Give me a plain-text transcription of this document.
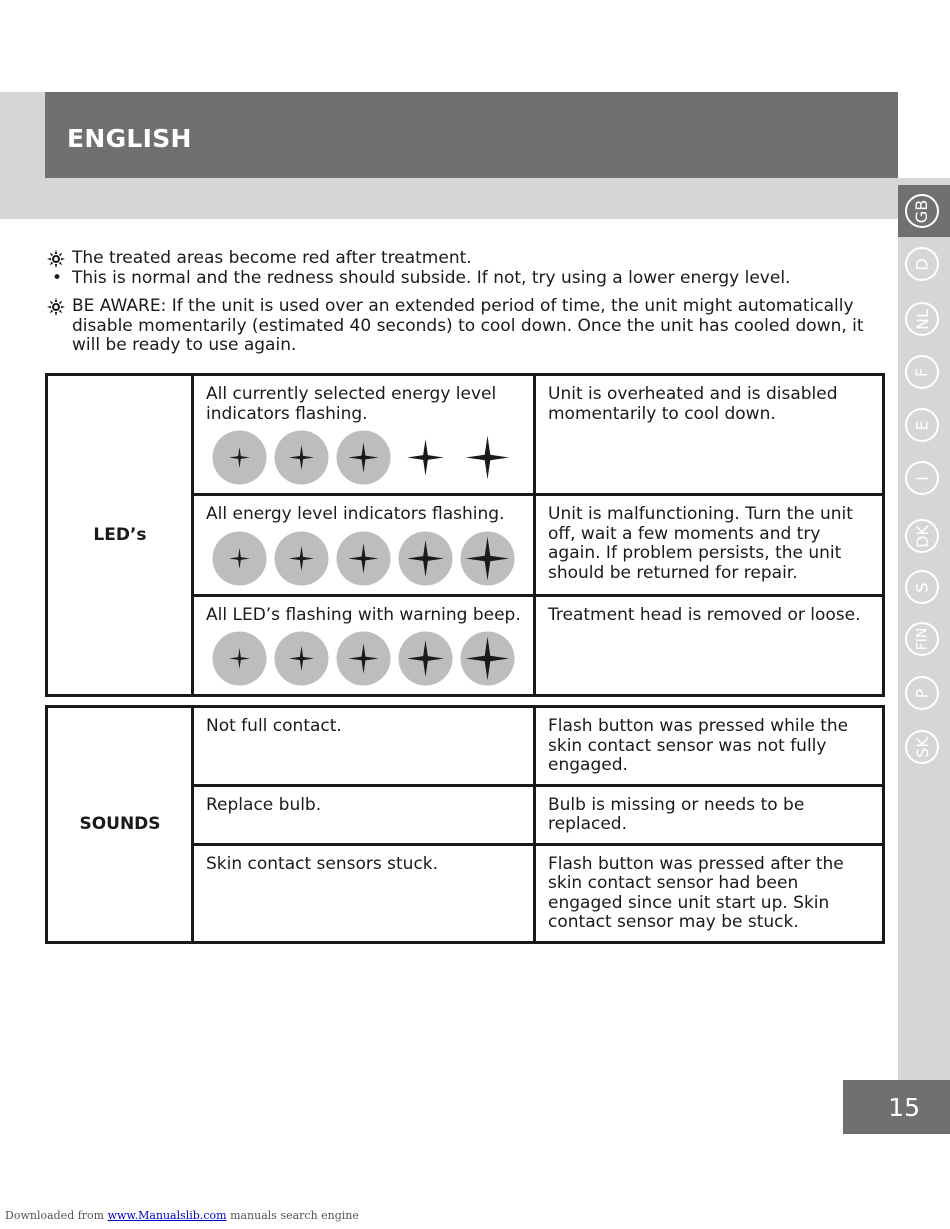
ENGLISH
GB
D
NL
F
E
I
DK
S
FIN
P
SK
The treated areas become red after treatment.
• This is normal and the redness should subside. If not, try using a lower energy level.
BE AWARE: If the unit is used over an extended period of time, the unit might automatically disable momentarily (estimated 40 seconds) to cool down. Once the unit has cooled down, it will be ready to use again.
LED’s	All currently selected energy level indicators flashing.	Unit is overheated and is disabled momentarily to cool down.

	All energy level indicators flashing.	Unit is malfunctioning. Turn the unit off, wait a few moments and try again. If problem persists, the unit should be returned for repair.

	All LED’s flashing with warning beep.	Treatment head is removed or loose.
SOUNDS	Not full contact.	Flash button was pressed while the skin contact sensor was not fully engaged.
	Replace bulb.	Bulb is missing or needs to be replaced.
	Skin contact sensors stuck.	Flash button was pressed after the skin contact sensor had been engaged since unit start up. Skin contact sensor may be stuck.
15
Downloaded from www.Manualslib.com manuals search engine
